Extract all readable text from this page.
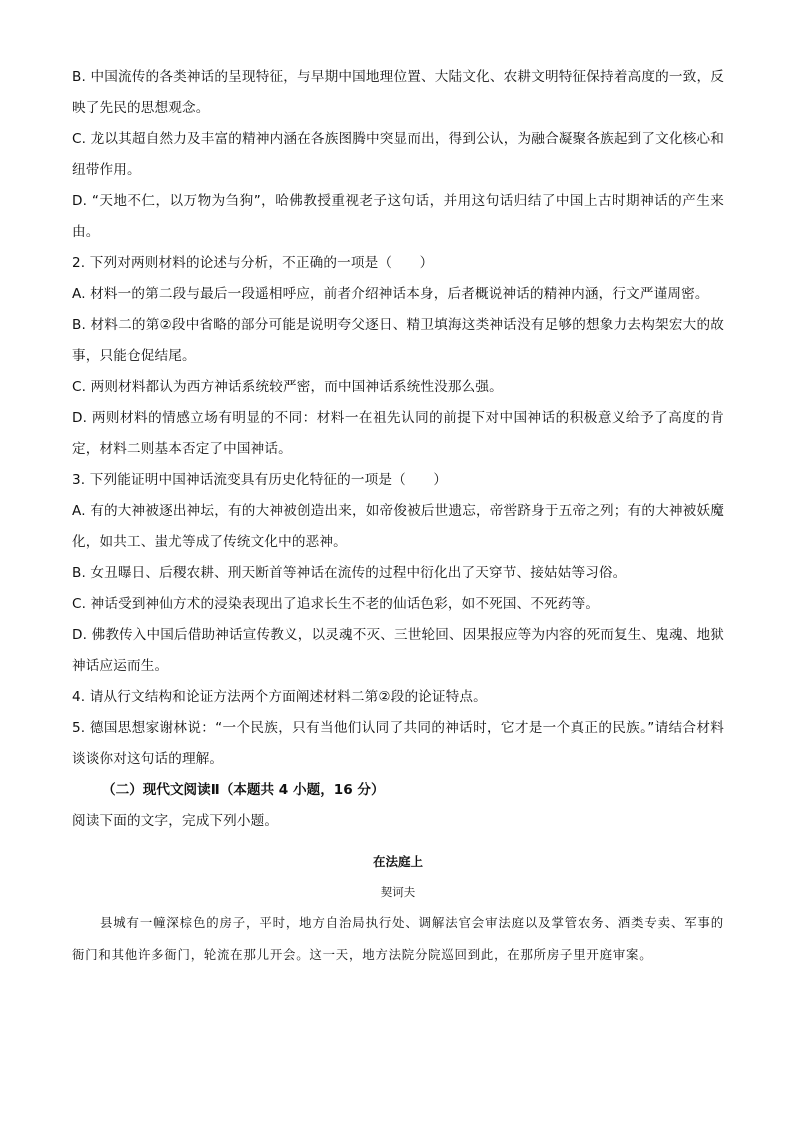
B. 中国流传的各类神话的呈现特征，与早期中国地理位置、大陆文化、农耕文明特征保持着高度的一致，反映了先民的思想观念。

C. 龙以其超自然力及丰富的精神内涵在各族图腾中突显而出，得到公认，为融合凝聚各族起到了文化核心和纽带作用。

D. “天地不仁，以万物为刍狗”，哈佛教授重视老子这句话，并用这句话归结了中国上古时期神话的产生来由。

2. 下列对两则材料的论述与分析，不正确的一项是（　　）

A. 材料一的第二段与最后一段遥相呼应，前者介绍神话本身，后者概说神话的精神内涵，行文严谨周密。

B. 材料二的第②段中省略的部分可能是说明夸父逐日、精卫填海这类神话没有足够的想象力去构架宏大的故事，只能仓促结尾。

C. 两则材料都认为西方神话系统较严密，而中国神话系统性没那么强。

D. 两则材料的情感立场有明显的不同：材料一在祖先认同的前提下对中国神话的积极意义给予了高度的肯定，材料二则基本否定了中国神话。

3. 下列能证明中国神话流变具有历史化特征的一项是（　　）

A. 有的大神被逐出神坛，有的大神被创造出来，如帝俊被后世遗忘，帝喾跻身于五帝之列；有的大神被妖魔化，如共工、蚩尤等成了传统文化中的恶神。

B. 女丑曝日、后稷农耕、刑天断首等神话在流传的过程中衍化出了天穿节、接姑姑等习俗。

C. 神话受到神仙方术的浸染表现出了追求长生不老的仙话色彩，如不死国、不死药等。

D. 佛教传入中国后借助神话宣传教义，以灵魂不灭、三世轮回、因果报应等为内容的死而复生、鬼魂、地狱神话应运而生。

4. 请从行文结构和论证方法两个方面阐述材料二第②段的论证特点。

5. 德国思想家谢林说：“一个民族，只有当他们认同了共同的神话时，它才是一个真正的民族。”请结合材料谈谈你对这句话的理解。

（二）现代文阅读Ⅱ（本题共 4 小题，16 分）

阅读下面的文字，完成下列小题。

在法庭上

契诃夫

县城有一幢深棕色的房子，平时，地方自治局执行处、调解法官会审法庭以及掌管农务、酒类专卖、军事的衙门和其他许多衙门，轮流在那儿开会。这一天，地方法院分院巡回到此，在那所房子里开庭审案。
